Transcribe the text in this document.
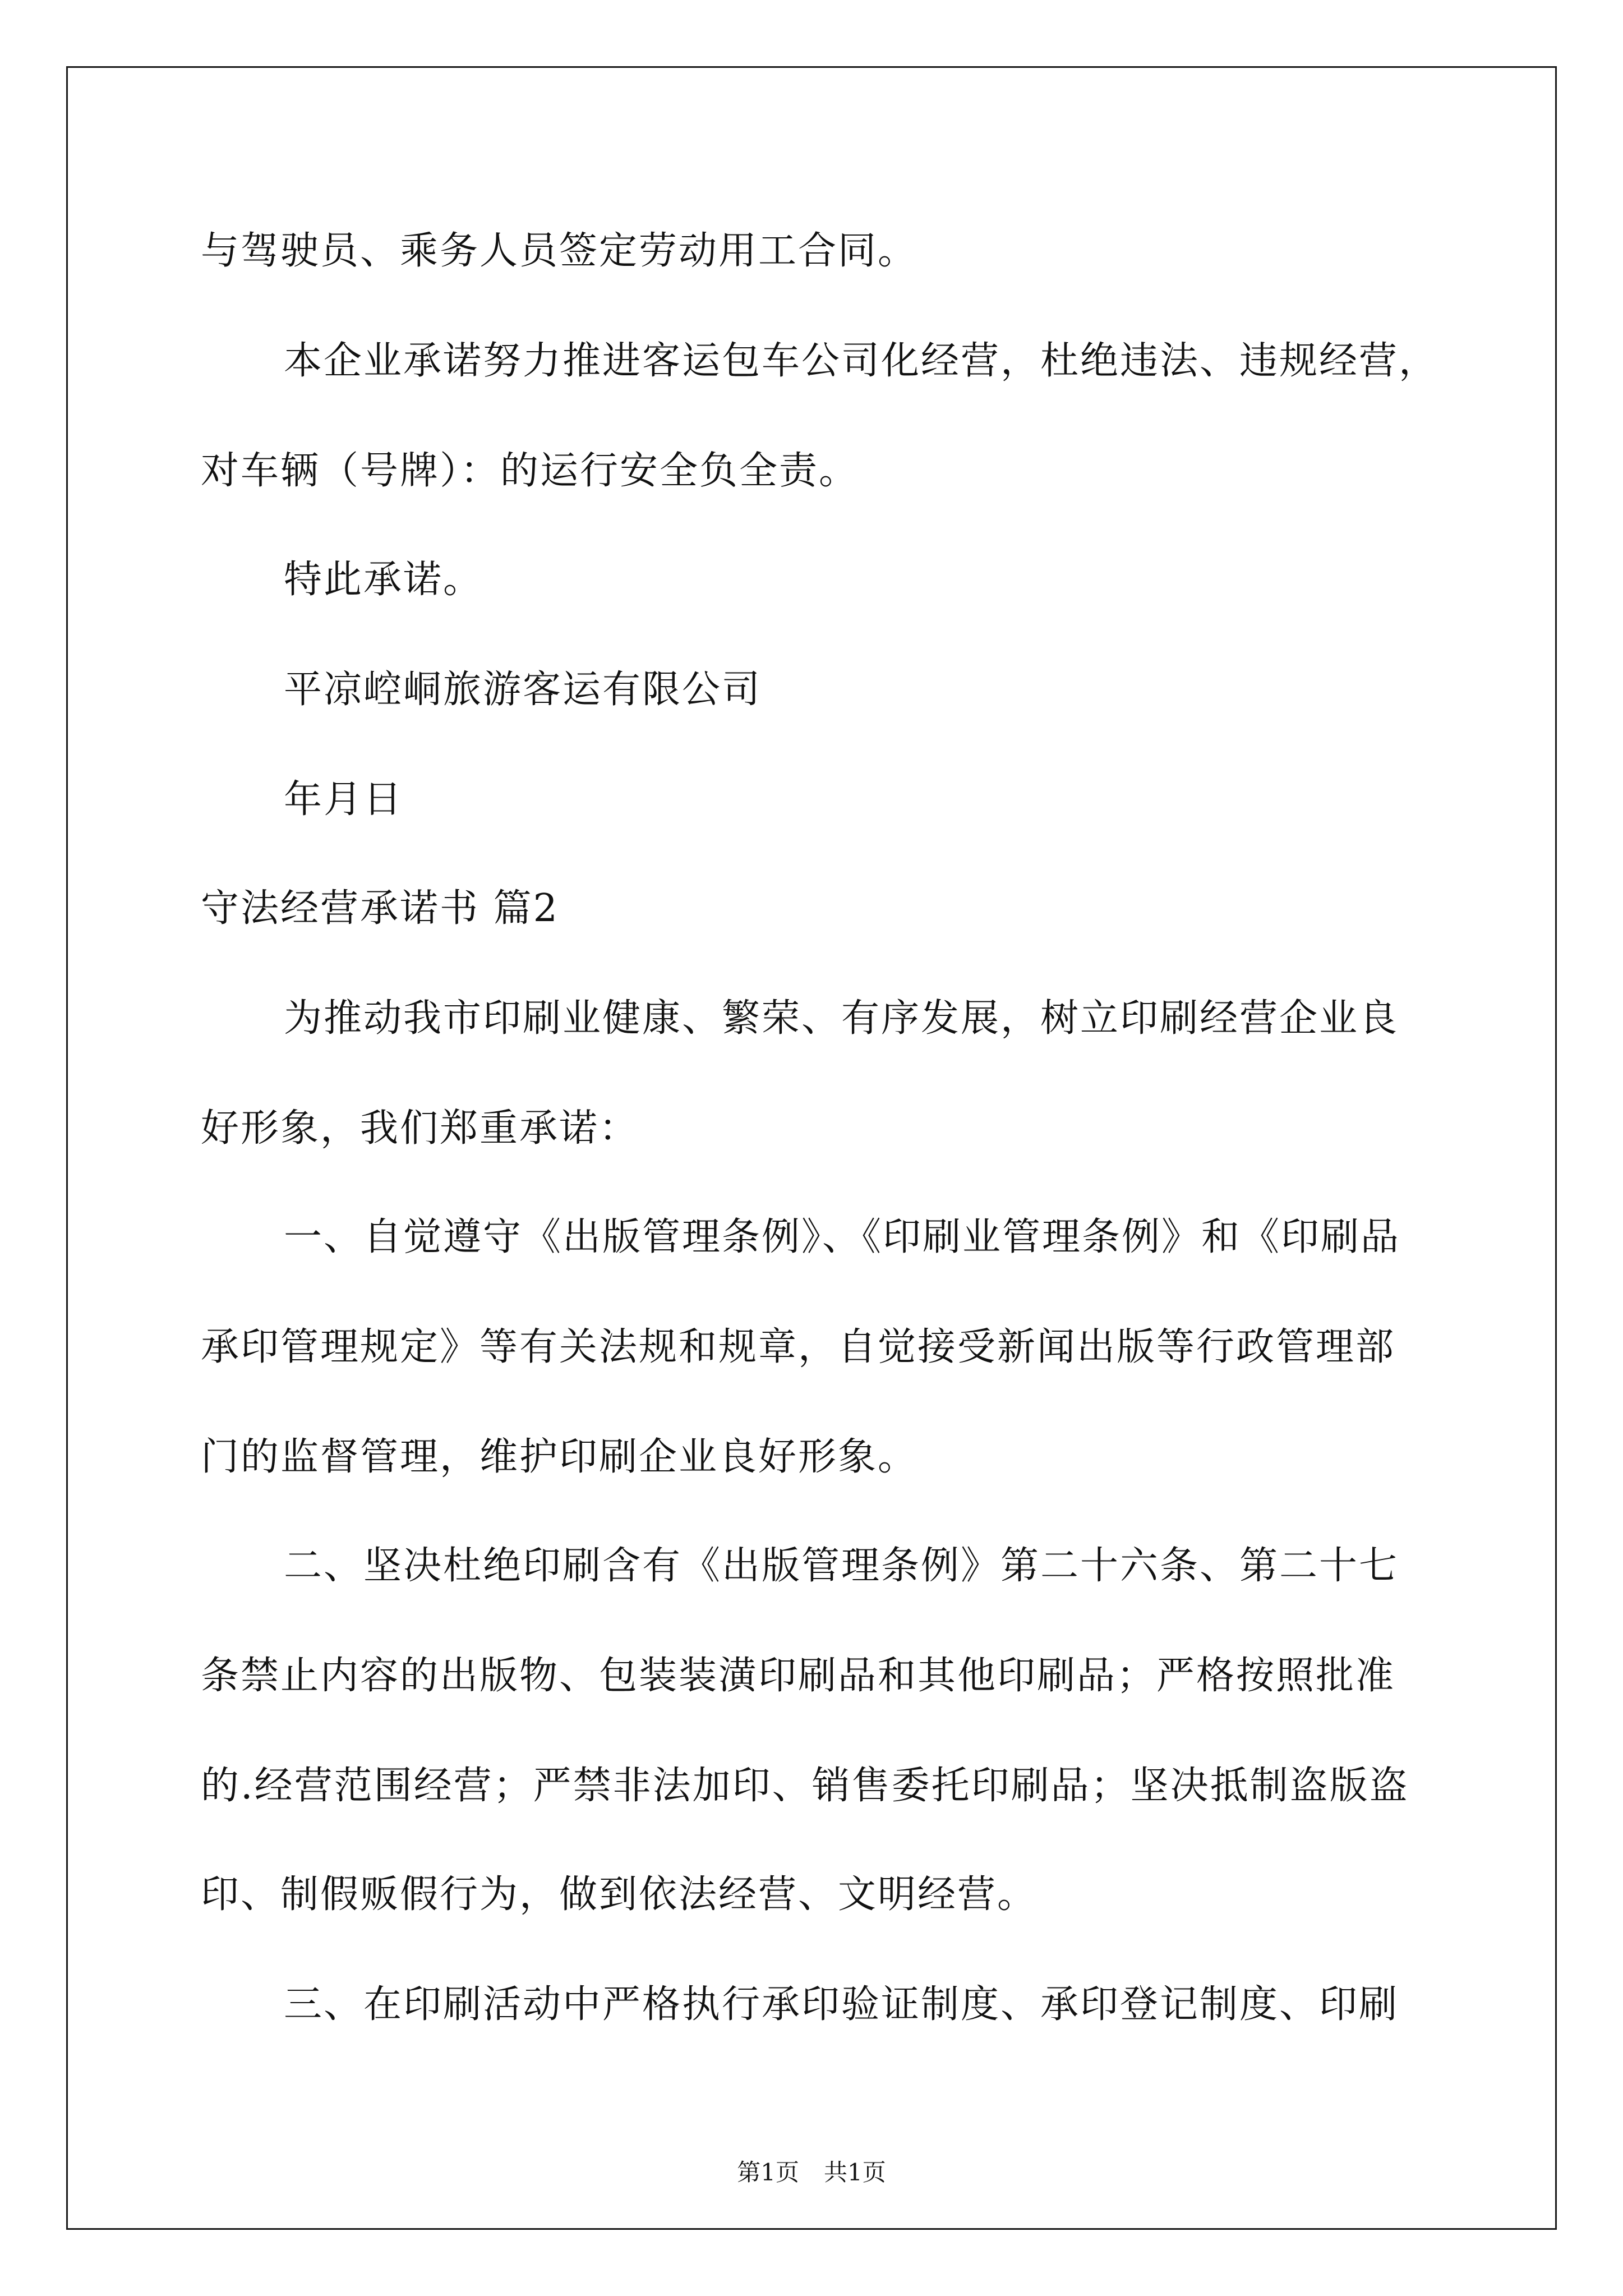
与驾驶员、乘务人员签定劳动用工合同。
本企业承诺努力推进客运包车公司化经营，杜绝违法、违规经营，
对车辆（号牌）：的运行安全负全责。
特此承诺。
平凉崆峒旅游客运有限公司
年月日
守法经营承诺书 篇2
为推动我市印刷业健康、繁荣、有序发展，树立印刷经营企业良
好形象，我们郑重承诺：
一、自觉遵守《出版管理条例》、《印刷业管理条例》和《印刷品
承印管理规定》等有关法规和规章，自觉接受新闻出版等行政管理部
门的监督管理，维护印刷企业良好形象。
二、坚决杜绝印刷含有《出版管理条例》第二十六条、第二十七
条禁止内容的出版物、包装装潢印刷品和其他印刷品；严格按照批准
的.经营范围经营；严禁非法加印、销售委托印刷品；坚决抵制盗版盗
印、制假贩假行为，做到依法经营、文明经营。
三、在印刷活动中严格执行承印验证制度、承印登记制度、印刷
第1页 共1页
